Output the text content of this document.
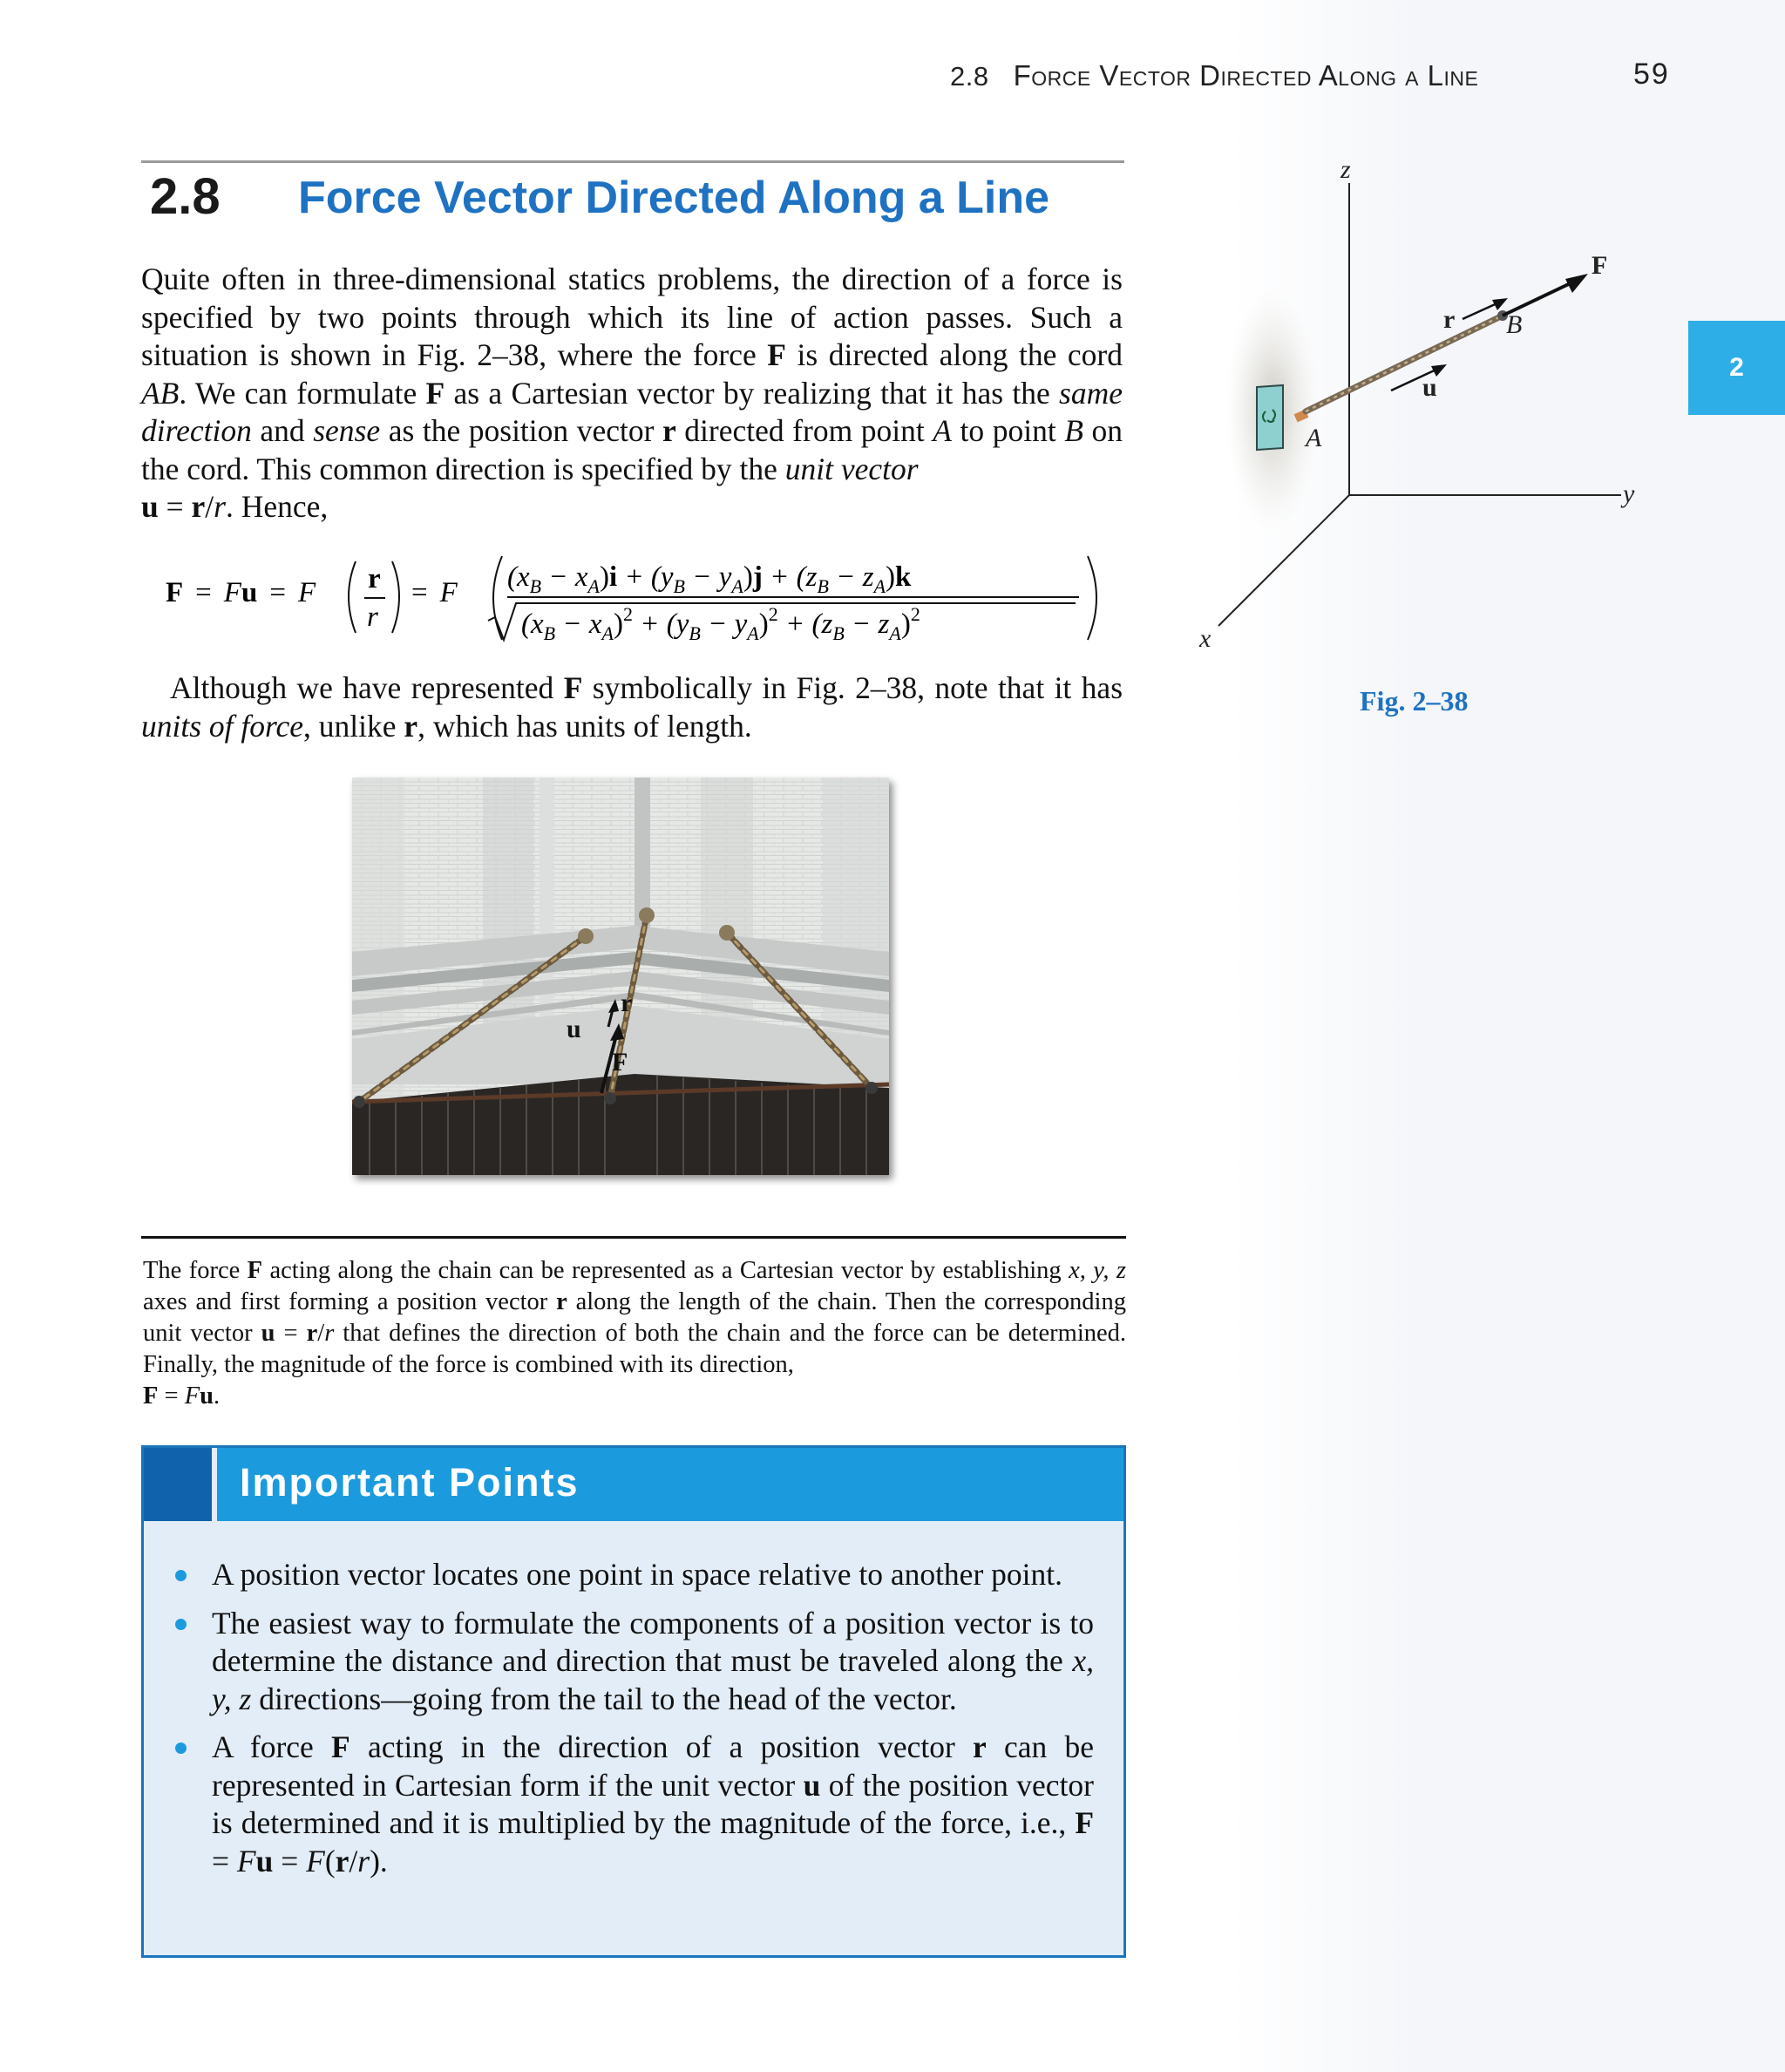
2.8 Force Vector Directed Along a Line	59
2
2.8 Force Vector Directed Along a Line
Quite often in three-dimensional statics problems, the direction of a force is specified by two points through which its line of action passes. Such a situation is shown in Fig. 2–38, where the force F is directed along the cord AB. We can formulate F as a Cartesian vector by realizing that it has the same direction and sense as the position vector r directed from point A to point B on the cord. This common direction is specified by the unit vector
u = r/r. Hence,
F = Fu = F r
r
= F $(x_B - x_A)i + (y_B - y_A)j + (z_B - z_A)k$
$(x_B - x_A)^2 + (y_B - y_A)^2 + (z_B - z_A)^2$
Although we have represented F symbolically in Fig. 2–38, note that it has units of force, unlike r, which has units of length.
u
r
F
The force F acting along the chain can be represented as a Cartesian vector by establishing x, y, z axes and first forming a position vector r along the length of the chain. Then the corresponding unit vector u = r/r that defines the direction of both the chain and the force can be determined. Finally, the magnitude of the force is combined with its direction,
F = Fu.
Important Points
A position vector locates one point in space relative to another point.
The easiest way to formulate the components of a position vector is to determine the distance and direction that must be traveled along the x, y, z directions—going from the tail to the head of the vector.
A force F acting in the direction of a position vector r can be represented in Cartesian form if the unit vector u of the position vector is determined and it is multiplied by the magnitude of the force, i.e., F = Fu = F(r/r).
z
y
x
F
B
r
u
A
Fig. 2–38
